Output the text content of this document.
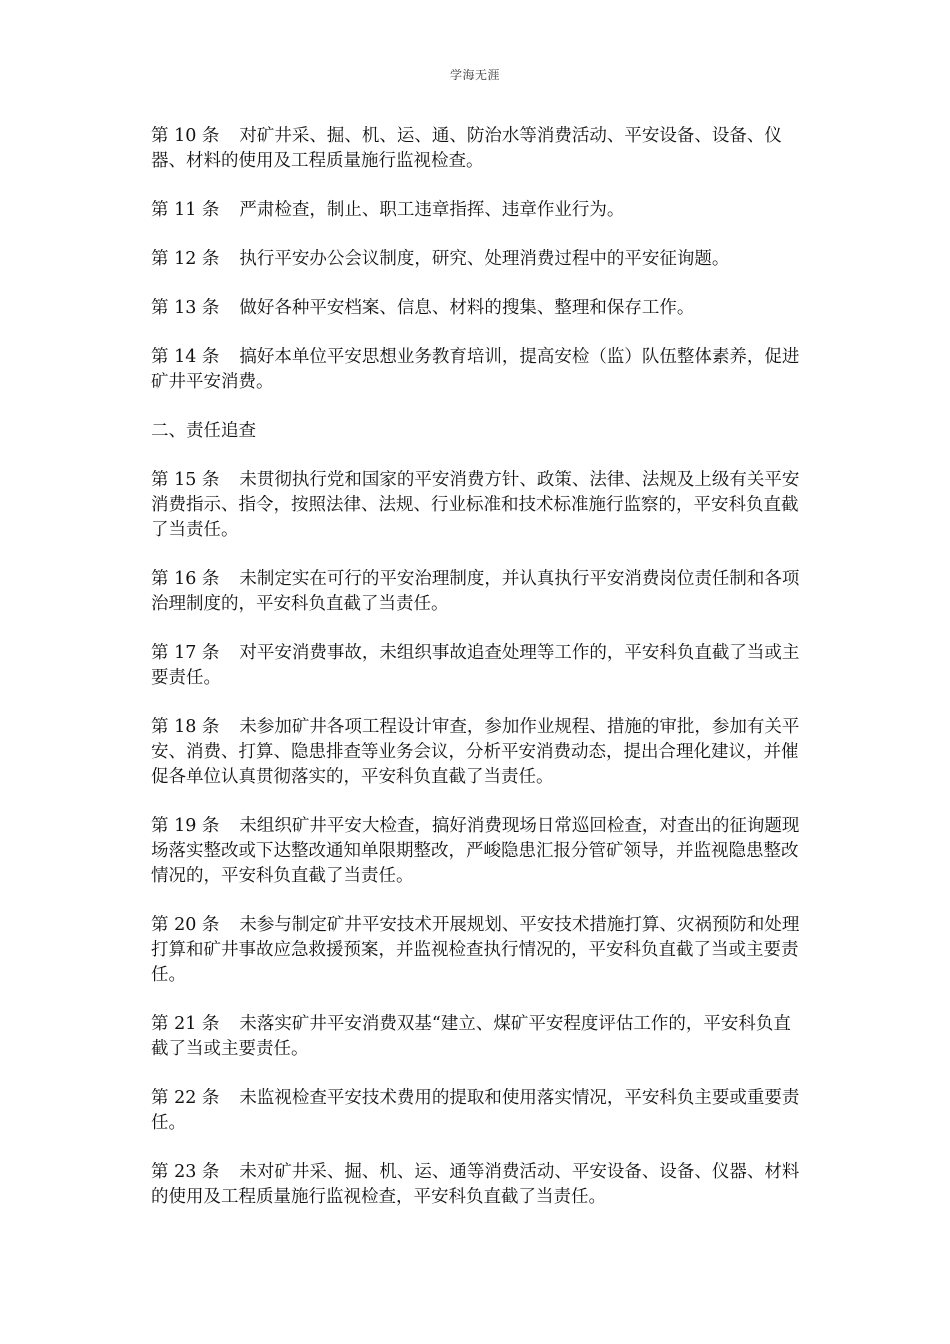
学海无涯

第 10 条 对矿井采、掘、机、运、通、防治水等消费活动、平安设备、设备、仪器、材料的使用及工程质量施行监视检查。

第 11 条 严肃检查，制止、职工违章指挥、违章作业行为。

第 12 条 执行平安办公会议制度，研究、处理消费过程中的平安征询题。

第 13 条 做好各种平安档案、信息、材料的搜集、整理和保存工作。

第 14 条 搞好本单位平安思想业务教育培训，提高安检（监）队伍整体素养，促进矿井平安消费。

二、责任追查

第 15 条 未贯彻执行党和国家的平安消费方针、政策、法律、法规及上级有关平安消费指示、指令，按照法律、法规、行业标准和技术标准施行监察的，平安科负直截了当责任。

第 16 条 未制定实在可行的平安治理制度，并认真执行平安消费岗位责任制和各项治理制度的，平安科负直截了当责任。

第 17 条 对平安消费事故，未组织事故追查处理等工作的，平安科负直截了当或主要责任。

第 18 条 未参加矿井各项工程设计审查，参加作业规程、措施的审批，参加有关平安、消费、打算、隐患排查等业务会议，分析平安消费动态，提出合理化建议，并催促各单位认真贯彻落实的，平安科负直截了当责任。

第 19 条 未组织矿井平安大检查，搞好消费现场日常巡回检查，对查出的征询题现场落实整改或下达整改通知单限期整改，严峻隐患汇报分管矿领导，并监视隐患整改情况的，平安科负直截了当责任。

第 20 条 未参与制定矿井平安技术开展规划、平安技术措施打算、灾祸预防和处理打算和矿井事故应急救援预案，并监视检查执行情况的，平安科负直截了当或主要责任。

第 21 条 未落实矿井平安消费双基“建立、煤矿平安程度评估工作的，平安科负直截了当或主要责任。

第 22 条 未监视检查平安技术费用的提取和使用落实情况，平安科负主要或重要责任。

第 23 条 未对矿井采、掘、机、运、通等消费活动、平安设备、设备、仪器、材料的使用及工程质量施行监视检查，平安科负直截了当责任。
